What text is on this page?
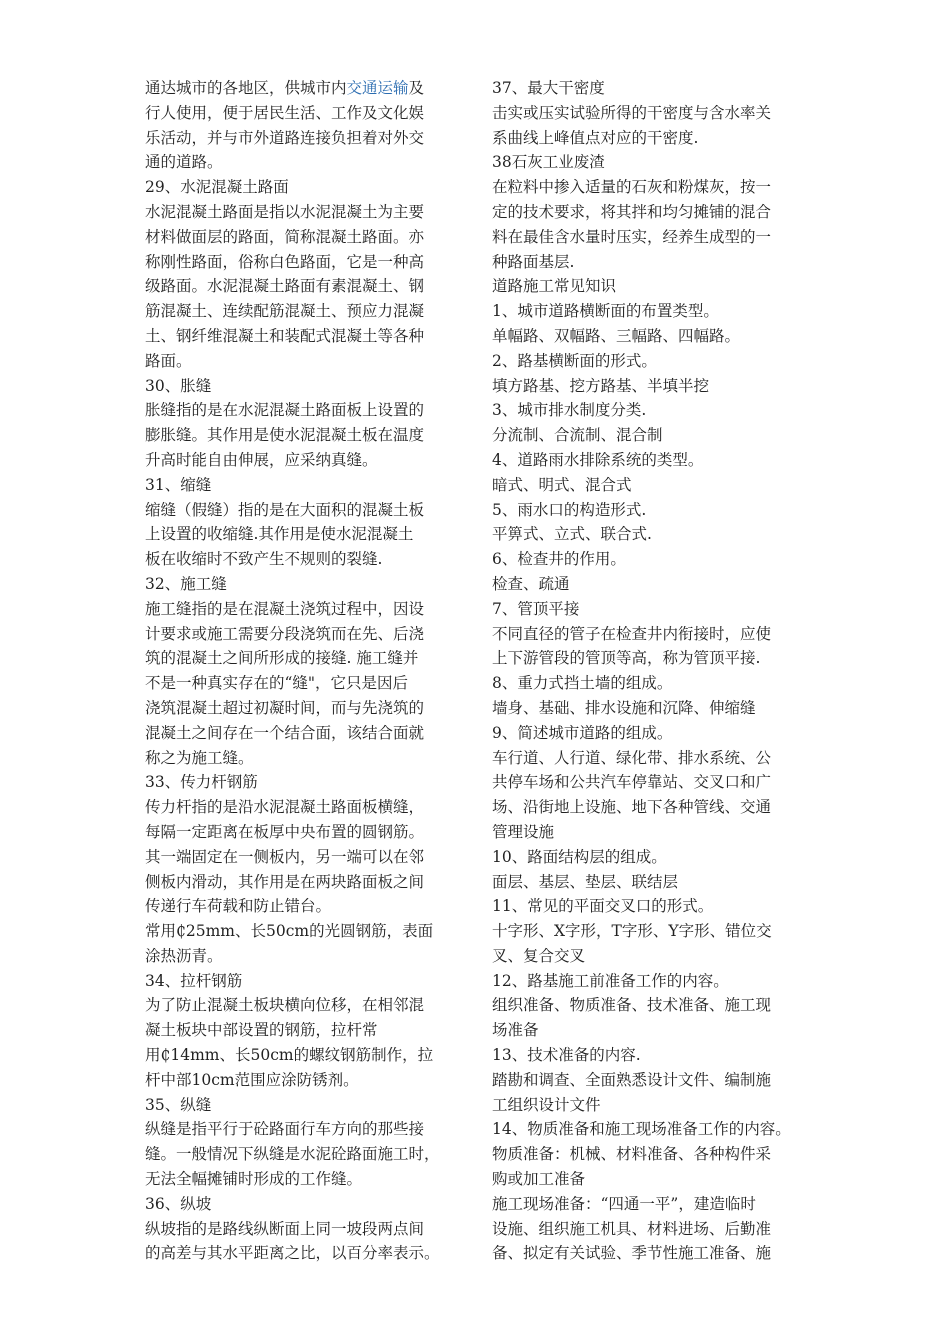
通达城市的各地区，供城市内交通运输及
行人使用，便于居民生活、工作及文化娱
乐活动，并与市外道路连接负担着对外交
通的道路。
29、水泥混凝土路面
水泥混凝土路面是指以水泥混凝土为主要
材料做面层的路面，简称混凝土路面。亦
称刚性路面，俗称白色路面，它是一种高
级路面。水泥混凝土路面有素混凝土、钢
筋混凝土、连续配筋混凝土、预应力混凝
土、钢纤维混凝土和装配式混凝土等各种
路面。
30、胀缝
胀缝指的是在水泥混凝土路面板上设置的
膨胀缝。其作用是使水泥混凝土板在温度
升高时能自由伸展，应采纳真缝。
31、缩缝
缩缝（假缝）指的是在大面积的混凝土板
上设置的收缩缝.其作用是使水泥混凝土
板在收缩时不致产生不规则的裂缝.
32、施工缝
施工缝指的是在混凝土浇筑过程中，因设
计要求或施工需要分段浇筑而在先、后浇
筑的混凝土之间所形成的接缝. 施工缝并
不是一种真实存在的“缝"，它只是因后
浇筑混凝土超过初凝时间，而与先浇筑的
混凝土之间存在一个结合面，该结合面就
称之为施工缝。
33、传力杆钢筋
传力杆指的是沿水泥混凝土路面板横缝，
每隔一定距离在板厚中央布置的圆钢筋。
其一端固定在一侧板内，另一端可以在邻
侧板内滑动，其作用是在两块路面板之间
传递行车荷载和防止错台。
常用₵25mm、长50cm的光圆钢筋，表面
涂热沥青。
34、拉杆钢筋
为了防止混凝土板块横向位移，在相邻混
凝土板块中部设置的钢筋，拉杆常
用₵14mm、长50cm的螺纹钢筋制作，拉
杆中部10cm范围应涂防锈剂。
35、纵缝
纵缝是指平行于砼路面行车方向的那些接
缝。一般情况下纵缝是水泥砼路面施工时，
无法全幅摊铺时形成的工作缝。
36、纵坡
纵坡指的是路线纵断面上同一坡段两点间
的高差与其水平距离之比，以百分率表示。
37、最大干密度
击实或压实试验所得的干密度与含水率关
系曲线上峰值点对应的干密度.
38石灰工业废渣
在粒料中掺入适量的石灰和粉煤灰，按一
定的技术要求，将其拌和均匀摊铺的混合
料在最佳含水量时压实，经养生成型的一
种路面基层.
道路施工常见知识
1、城市道路横断面的布置类型。
单幅路、双幅路、三幅路、四幅路。
2、路基横断面的形式。
填方路基、挖方路基、半填半挖
3、城市排水制度分类.
分流制、合流制、混合制
4、道路雨水排除系统的类型。
暗式、明式、混合式
5、雨水口的构造形式.
平箅式、立式、联合式.
6、检查井的作用。
检查、疏通
7、管顶平接
不同直径的管子在检查井内衔接时，应使
上下游管段的管顶等高，称为管顶平接.
8、重力式挡土墙的组成。
墙身、基础、排水设施和沉降、伸缩缝
9、简述城市道路的组成。
车行道、人行道、绿化带、排水系统、公
共停车场和公共汽车停靠站、交叉口和广
场、沿街地上设施、地下各种管线、交通
管理设施
10、路面结构层的组成。
面层、基层、垫层、联结层
11、常见的平面交叉口的形式。
十字形、X字形，T字形、Y字形、错位交
叉、复合交叉
12、路基施工前准备工作的内容。
组织准备、物质准备、技术准备、施工现
场准备
13、技术准备的内容.
踏勘和调查、全面熟悉设计文件、编制施
工组织设计文件
14、物质准备和施工现场准备工作的内容。
物质准备：机械、材料准备、各种构件采
购或加工准备
施工现场准备：“四通一平”，建造临时
设施、组织施工机具、材料进场、后勤准
备、拟定有关试验、季节性施工准备、施
